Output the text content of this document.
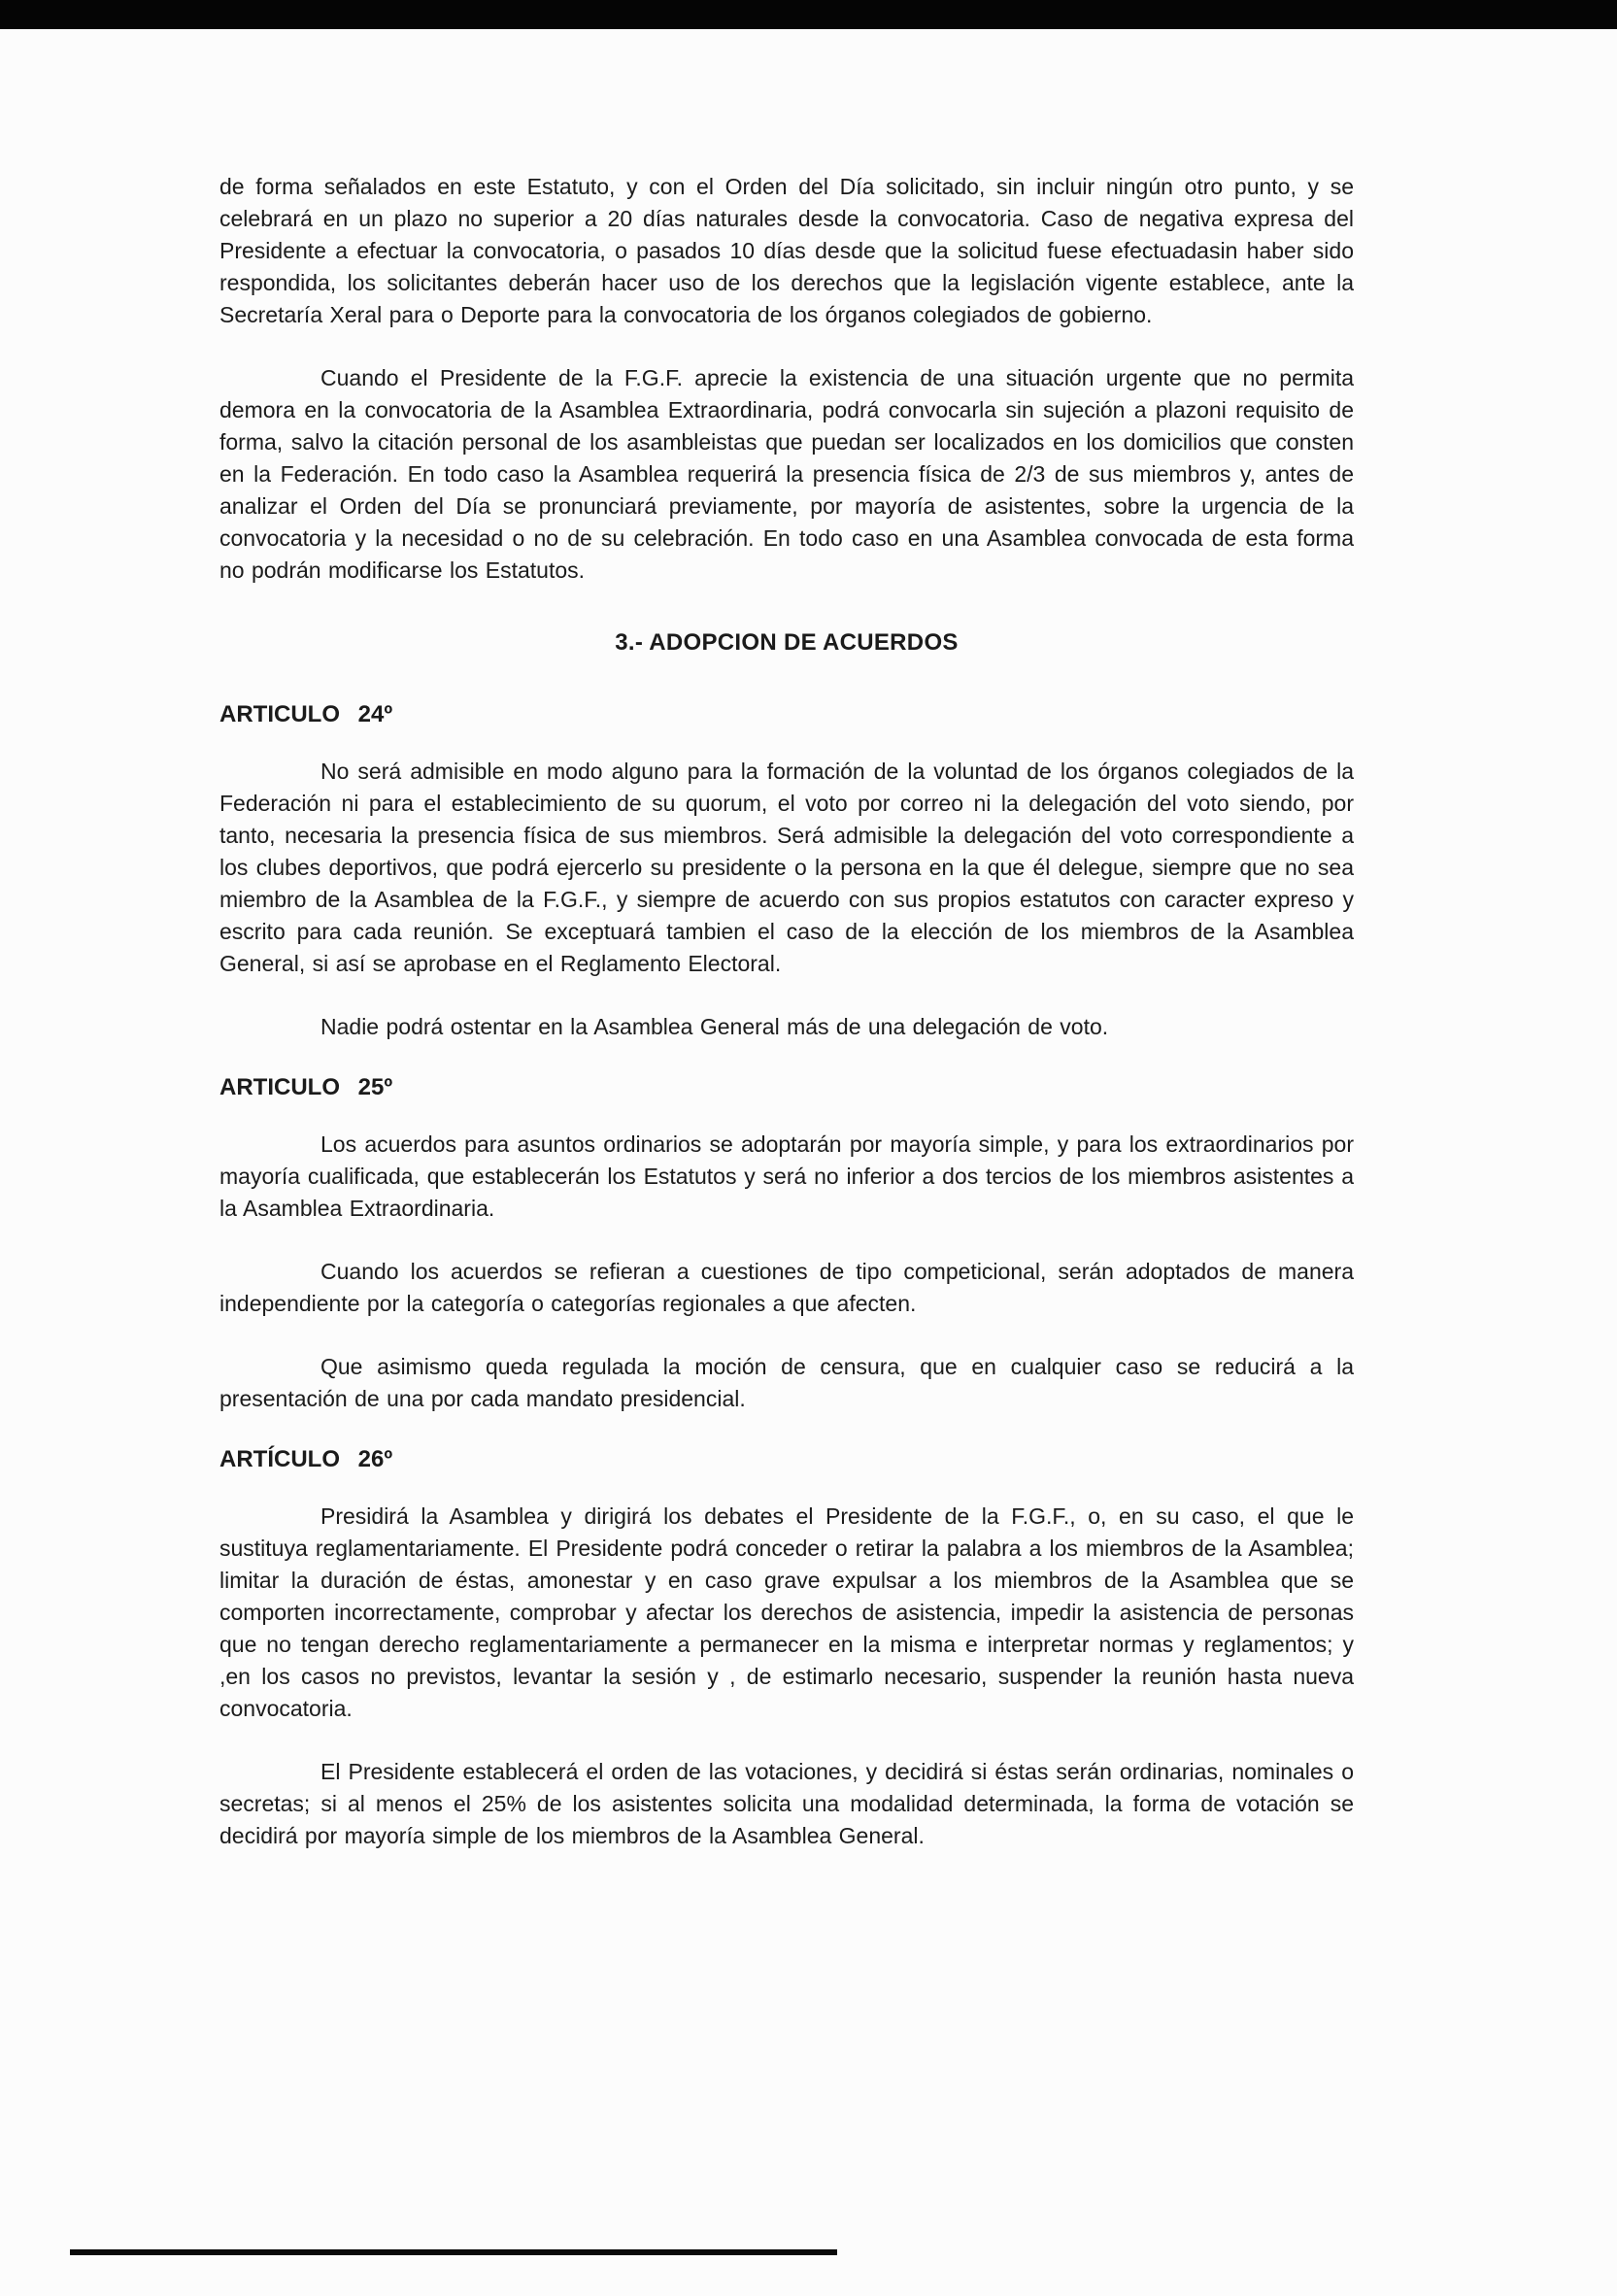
de forma señalados en este Estatuto, y con el Orden del Día solicitado, sin incluir ningún otro punto, y se celebrará en un plazo no superior a 20 días naturales desde la convocatoria. Caso de negativa expresa del Presidente a efectuar la convocatoria, o pasados 10 días desde que la solicitud fuese efectuadasin haber sido respondida, los solicitantes deberán hacer uso de los derechos que la legislación vigente establece, ante la Secretaría Xeral para o Deporte para la convocatoria de los órganos colegiados de gobierno.

Cuando el Presidente de la F.G.F. aprecie la existencia de una situación urgente que no permita demora en la convocatoria de la Asamblea Extraordinaria, podrá convocarla sin sujeción a plazoni requisito de forma, salvo la citación personal de los asambleistas que puedan ser localizados en los domicilios que consten en la Federación. En todo caso la Asamblea requerirá la presencia física de 2/3 de sus miembros y, antes de analizar el Orden del Día se pronunciará previamente, por mayoría de asistentes, sobre la urgencia de la convocatoria y la necesidad o no de su celebración. En todo caso en una Asamblea convocada de esta forma no podrán modificarse los Estatutos.

3.- ADOPCION DE ACUERDOS
ARTICULO 24º

No será admisible en modo alguno para la formación de la voluntad de los órganos colegiados de la Federación ni para el establecimiento de su quorum, el voto por correo ni la delegación del voto siendo, por tanto, necesaria la presencia física de sus miembros. Será admisible la delegación del voto correspondiente a los clubes deportivos, que podrá ejercerlo su presidente o la persona en la que él delegue, siempre que no sea miembro de la Asamblea de la F.G.F., y siempre de acuerdo con sus propios estatutos con caracter expreso y escrito para cada reunión. Se exceptuará tambien el caso de la elección de los miembros de la Asamblea General, si así se aprobase en el Reglamento Electoral.

Nadie podrá ostentar en la Asamblea General más de una delegación de voto.

ARTICULO 25º

Los acuerdos para asuntos ordinarios se adoptarán por mayoría simple, y para los extraordinarios por mayoría cualificada, que establecerán los Estatutos y será no inferior a dos tercios de los miembros asistentes a la Asamblea Extraordinaria.

Cuando los acuerdos se refieran a cuestiones de tipo competicional, serán adoptados de manera independiente por la categoría o categorías regionales a que afecten.

Que asimismo queda regulada la moción de censura, que en cualquier caso se reducirá a la presentación de una por cada mandato presidencial.

ARTÍCULO 26º

Presidirá la Asamblea y dirigirá los debates el Presidente de la F.G.F., o, en su caso, el que le sustituya reglamentariamente. El Presidente podrá conceder o retirar la palabra a los miembros de la Asamblea; limitar la duración de éstas, amonestar y en caso grave expulsar a los miembros de la Asamblea que se comporten incorrectamente, comprobar y afectar los derechos de asistencia, impedir la asistencia de personas que no tengan derecho reglamentariamente a permanecer en la misma e interpretar normas y reglamentos; y ,en los casos no previstos, levantar la sesión y , de estimarlo necesario, suspender la reunión hasta nueva convocatoria.

El Presidente establecerá el orden de las votaciones, y decidirá si éstas serán ordinarias, nominales o secretas; si al menos el 25% de los asistentes solicita una modalidad determinada, la forma de votación se decidirá por mayoría simple de los miembros de la Asamblea General.
